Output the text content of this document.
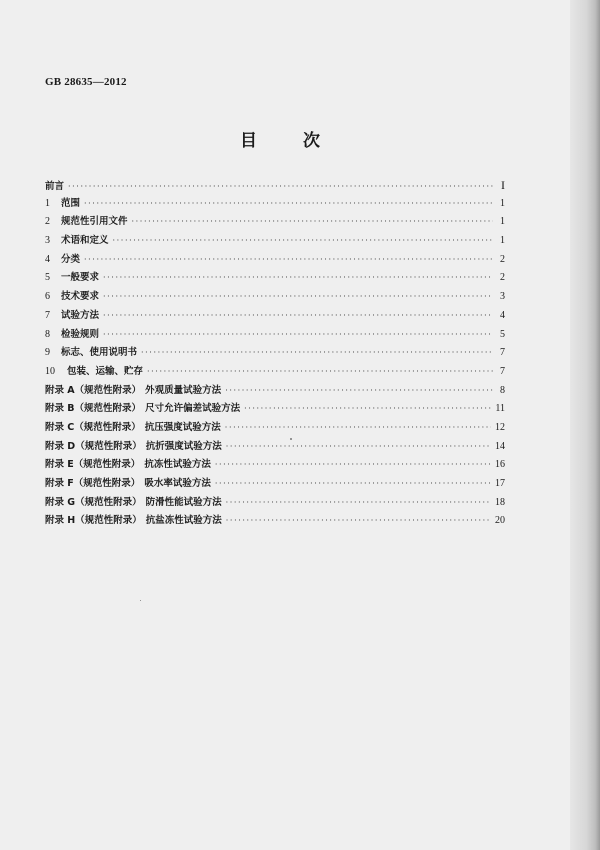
GB 28635—2012
目 次
前言 ·····	I
1	范围 ·····	1
2	规范性引用文件 ·····	1
3	术语和定义 ·····	1
4	分类 ·····	2
5	一般要求 ·····	2
6	技术要求 ·····	3
7	试验方法 ·····	4
8	检验规则 ·····	5
9	标志、使用说明书 ·····	7
10	包装、运输、贮存 ·····	7
附录 A（规范性附录） 外观质量试验方法 ·····	8
附录 B（规范性附录） 尺寸允许偏差试验方法 ·····	11
附录 C（规范性附录） 抗压强度试验方法 ·····	12
附录 D（规范性附录） 抗折强度试验方法 ·····	14
附录 E（规范性附录） 抗冻性试验方法 ·····	16
附录 F（规范性附录） 吸水率试验方法 ·····	17
附录 G（规范性附录） 防滑性能试验方法 ·····	18
附录 H（规范性附录） 抗盐冻性试验方法 ·····	20
